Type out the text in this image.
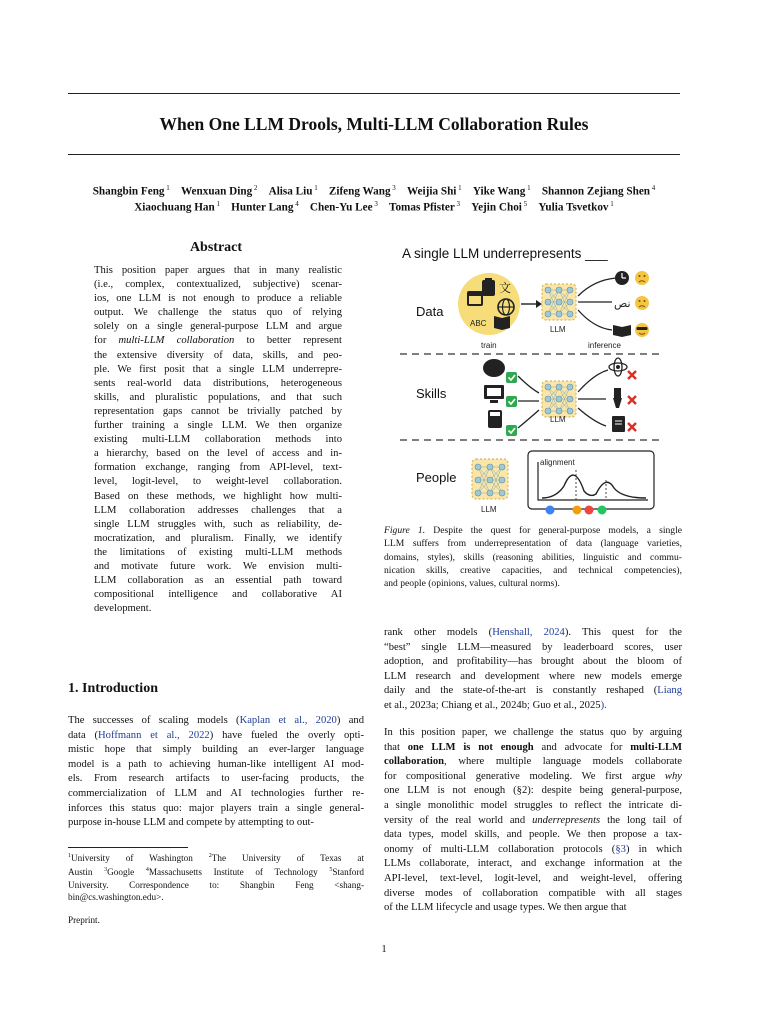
When One LLM Drools, Multi-LLM Collaboration Rules
Shangbin Feng $^1$   Wenxuan Ding $^2$   Alisa Liu $^1$   Zifeng Wang $^3$   Weijia Shi $^1$   Yike Wang $^1$   Shannon Zejiang Shen $^4$
Xiaochuang Han $^1$   Hunter Lang $^4$   Chen-Yu Lee $^3$   Tomas Pfister $^3$   Yejin Choi $^5$   Yulia Tsvetkov $^1$
Abstract
This position paper argues that in many realistic
(i.e., complex, contextualized, subjective) scenar-
ios, one LLM is not enough to produce a reliable
output. We challenge the status quo of relying
solely on a single general-purpose LLM and argue
for multi-LLM collaboration to better represent
the extensive diversity of data, skills, and peo-
ple. We first posit that a single LLM underrepre-
sents real-world data distributions, heterogeneous
skills, and pluralistic populations, and that such
representation gaps cannot be trivially patched by
further training a single LLM. We then organize
existing multi-LLM collaboration methods into
a hierarchy, based on the level of access and in-
formation exchange, ranging from API-level, text-
level, logit-level, to weight-level collaboration.
Based on these methods, we highlight how multi-
LLM collaboration addresses challenges that a
single LLM struggles with, such as reliability, de-
mocratization, and pluralism. Finally, we identify
the limitations of existing multi-LLM methods
and motivate future work. We envision multi-
LLM collaboration as an essential path toward
compositional intelligence and collaborative AI
development.
1. Introduction
The successes of scaling models (Kaplan et al., 2020) and
data (Hoffmann et al., 2022) have fueled the overly opti-
mistic hope that simply building an ever-larger language
model is a path to achieving human-like intelligent AI mod-
els. From research artifacts to user-facing products, the
commercialization of LLM and AI technologies further re-
inforces this status quo: major players train a single general-
purpose in-house LLM and compete by attempting to out-
$^1$University of Washington $^2$The University of Texas at
Austin $^3$Google $^4$Massachusetts Institute of Technology $^5$Stanford
University. Correspondence to: Shangbin Feng <shang-
bin@cs.washington.edu>.
Preprint.
rank other models (Henshall, 2024). This quest for the
“best” single LLM—measured by leaderboard scores, user
adoption, and profitability—has brought about the bloom of
LLM research and development where new models emerge
daily and the state-of-the-art is constantly reshaped (Liang
et al., 2023a; Chiang et al., 2024b; Guo et al., 2025).
In this position paper, we challenge the status quo by arguing
that one LLM is not enough and advocate for multi-LLM
collaboration, where multiple language models collaborate
for compositional generative modeling. We first argue why
one LLM is not enough (§2): despite being general-purpose,
a single monolithic model struggles to reflect the intricate di-
versity of the real world and underrepresents the long tail of
data types, model skills, and people. We then propose a tax-
onomy of multi-LLM collaboration protocols (§3) in which
LLMs collaborate, interact, and exchange information at the
API-level, text-level, logit-level, and weight-level, offering
diverse modes of collaboration compatible with all stages
of the LLM lifecycle and usage types. We then argue that
1
A single LLM underrepresents ___
Data
文
ABC
LLM
train	inference
نص
Skills
LLM
People
LLM
alignment
Figure 1. Despite the quest for general-purpose models, a single
LLM suffers from underrepresentation of data (language varieties,
domains, styles), skills (reasoning abilities, linguistic and commu-
nication skills, creative capacities, and technical competencies),
and people (opinions, values, cultural norms).
